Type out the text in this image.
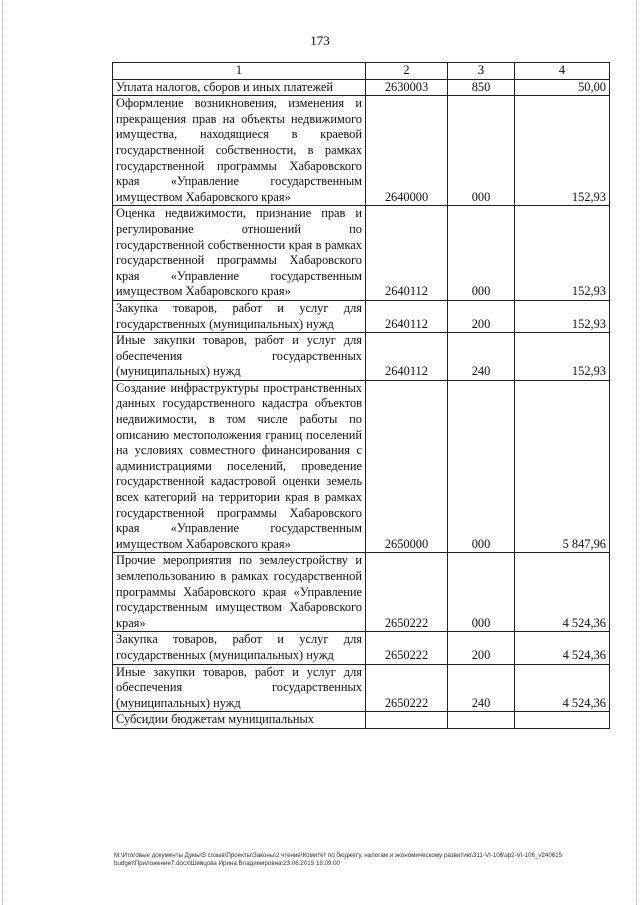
173
1	2	3	4
Уплата налогов, сборов и иных платежей	2630003	850	50,00
Оформление возникновения, изменения и прекращения прав на объекты недвижимого имущества, находящиеся в краевой государственной собственности, в рамках государственной программы Хабаровского края «Управление государственным имуществом Хабаровского края»	2640000	000	152,93
Оценка недвижимости, признание прав и регулирование отношений по государственной собственности края в рамках государственной программы Хабаровского края «Управление государственным имуществом Хабаровского края»	2640112	000	152,93
Закупка товаров, работ и услуг для государственных (муниципальных) нужд	2640112	200	152,93
Иные закупки товаров, работ и услуг для обеспечения государственных (муниципальных) нужд	2640112	240	152,93
Создание инфраструктуры пространственных данных государственного кадастра объектов недвижимости, в том числе работы по описанию местоположения границ поселений на условиях совместного финансирования с администрациями поселений, проведение государственной кадастровой оценки земель всех категорий на территории края в рамках государственной программы Хабаровского края «Управление государственным имуществом Хабаровского края»	2650000	000	5 847,96
Прочие мероприятия по землеустройству и землепользованию в рамках государственной программы Хабаровского края «Управление государственным имуществом Хабаровского края»	2650222	000	4 524,36
Закупка товаров, работ и услуг для государственных (муниципальных) нужд	2650222	200	4 524,36
Иные закупки товаров, работ и услуг для обеспечения государственных (муниципальных) нужд	2650222	240	4 524,36
Субсидии бюджетам муниципальных			
M:\Итоговые документы Думы\5 созыв\Проекты\Законы\2 чтение\Комитет по бюджету, налогам и экономическому развитию\311-VI-106\зр2-VI-106_v240615 budget\Приложение7.docx\Шевцова Ирина Владимировна\23.06.2015 18:09:00
